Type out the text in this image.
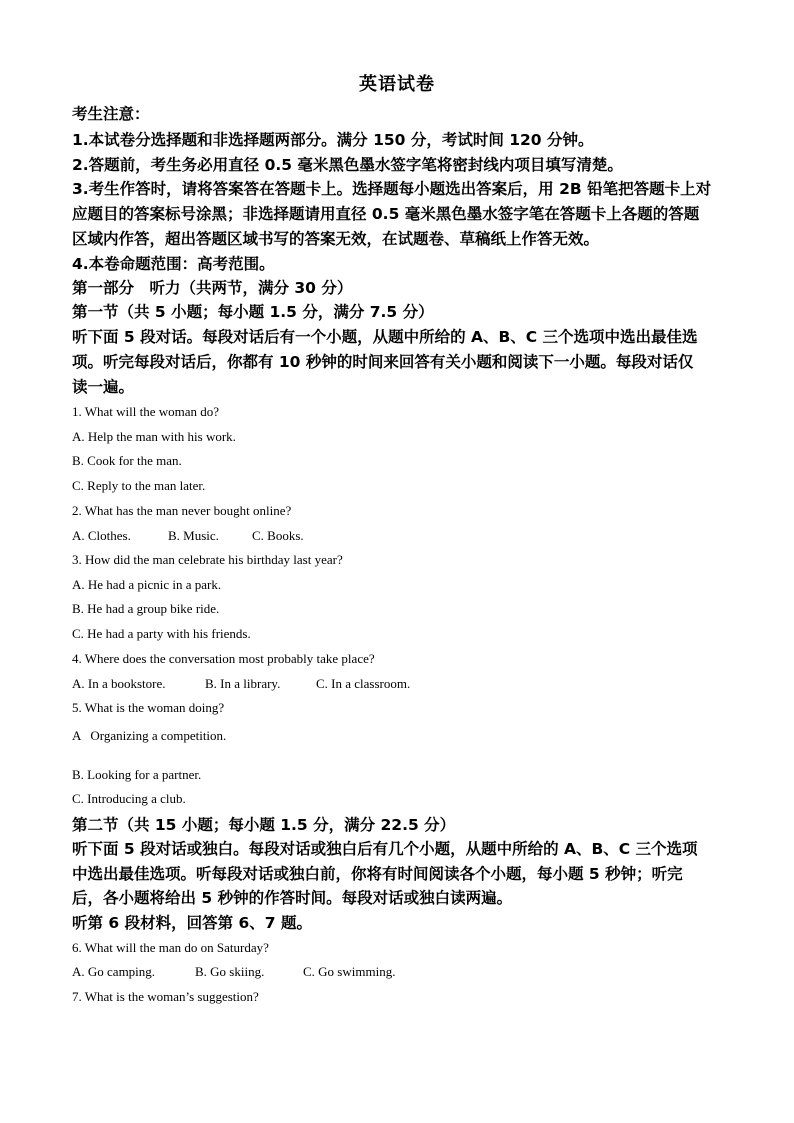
英语试卷
考生注意：
1.本试卷分选择题和非选择题两部分。满分 150 分，考试时间 120 分钟。
2.答题前，考生务必用直径 0.5 毫米黑色墨水签字笔将密封线内项目填写清楚。
3.考生作答时，请将答案答在答题卡上。选择题每小题选出答案后，用 2B 铅笔把答题卡上对
应题目的答案标号涂黑；非选择题请用直径 0.5 毫米黑色墨水签字笔在答题卡上各题的答题
区域内作答，超出答题区域书写的答案无效，在试题卷、草稿纸上作答无效。
4.本卷命题范围：高考范围。
第一部分　听力（共两节，满分 30 分）
第一节（共 5 小题；每小题 1.5 分，满分 7.5 分）
听下面 5 段对话。每段对话后有一个小题，从题中所给的 A、B、C 三个选项中选出最佳选
项。听完每段对话后，你都有 10 秒钟的时间来回答有关小题和阅读下一小题。每段对话仅
读一遍。
1. What will the woman do?
A. Help the man with his work.
B. Cook for the man.
C. Reply to the man later.
2. What has the man never bought online?
A. Clothes.	B. Music.	C. Books.
3. How did the man celebrate his birthday last year?
A. He had a picnic in a park.
B. He had a group bike ride.
C. He had a party with his friends.
4. Where does the conversation most probably take place?
A. In a bookstore.	B. In a library.	C. In a classroom.
5. What is the woman doing?
A   Organizing a competition.
B. Looking for a partner.
C. Introducing a club.
第二节（共 15 小题；每小题 1.5 分，满分 22.5 分）
听下面 5 段对话或独白。每段对话或独白后有几个小题，从题中所给的 A、B、C 三个选项
中选出最佳选项。听每段对话或独白前，你将有时间阅读各个小题，每小题 5 秒钟；听完
后，各小题将给出 5 秒钟的作答时间。每段对话或独白读两遍。
听第 6 段材料，回答第 6、7 题。
6. What will the man do on Saturday?
A. Go camping.	B. Go skiing.	C. Go swimming.
7. What is the woman’s suggestion?
